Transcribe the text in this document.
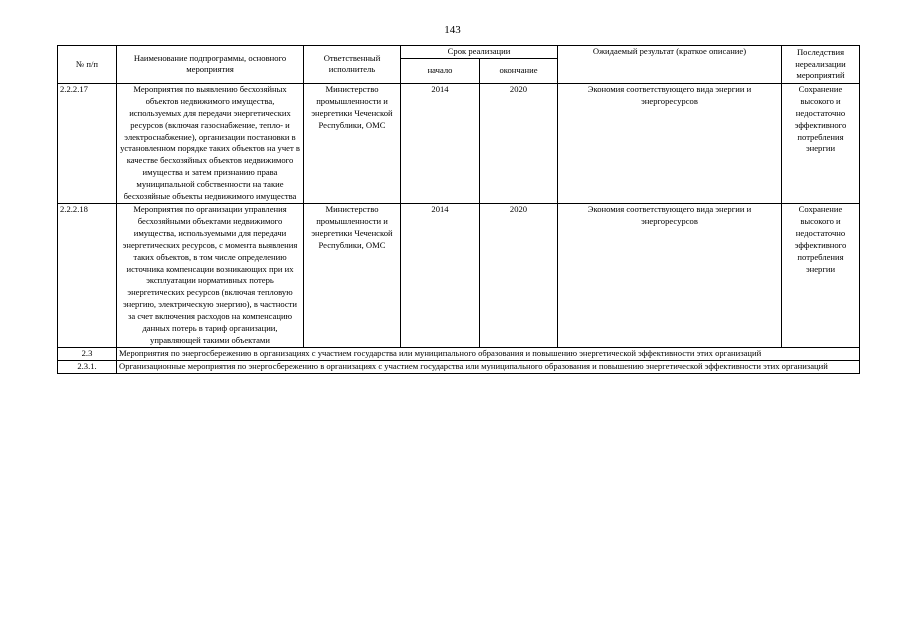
143
№ п/п	Наименование подпрограммы, основного мероприятия	Ответственный исполнитель	Срок реализации		Ожидаемый результат (краткое описание)	Последствия нереализации мероприятий
			начало	окончание		
2.2.2.17	Мероприятия по выявлению бесхозяйных объектов недвижимого имущества, используемых для передачи энергетических ресурсов (включая газоснабжение, тепло- и электроснабжение), организации постановки в установленном порядке таких объектов на учет в качестве бесхозяйных объектов недвижимого имущества и затем признанию права муниципальной собственности на такие бесхозяйные объекты недвижимого имущества	Министерство промышленности и энергетики Чеченской Республики, ОМС	2014	2020	Экономия соответствующего вида энергии и энергоресурсов	Сохранение высокого и недостаточно эффективного потребления энергии
2.2.2.18	Мероприятия по организации управления бесхозяйными объектами недвижимого имущества, используемыми для передачи энергетических ресурсов, с момента выявления таких объектов, в том числе определению источника компенсации возникающих при их эксплуатации нормативных потерь энергетических ресурсов (включая тепловую энергию, электрическую энергию), в частности за счет включения расходов на компенсацию данных потерь в тариф организации, управляющей такими объектами	Министерство промышленности и энергетики Чеченской Республики, ОМС	2014	2020	Экономия соответствующего вида энергии и энергоресурсов	Сохранение высокого и недостаточно эффективного потребления энергии
2.3	Мероприятия по энергосбережению в организациях с участием государства или муниципального образования и повышению энергетической эффективности этих организаций					
2.3.1.	Организационные мероприятия по энергосбережению в организациях с участием государства или муниципального образования и повышению энергетической эффективности этих организаций					
